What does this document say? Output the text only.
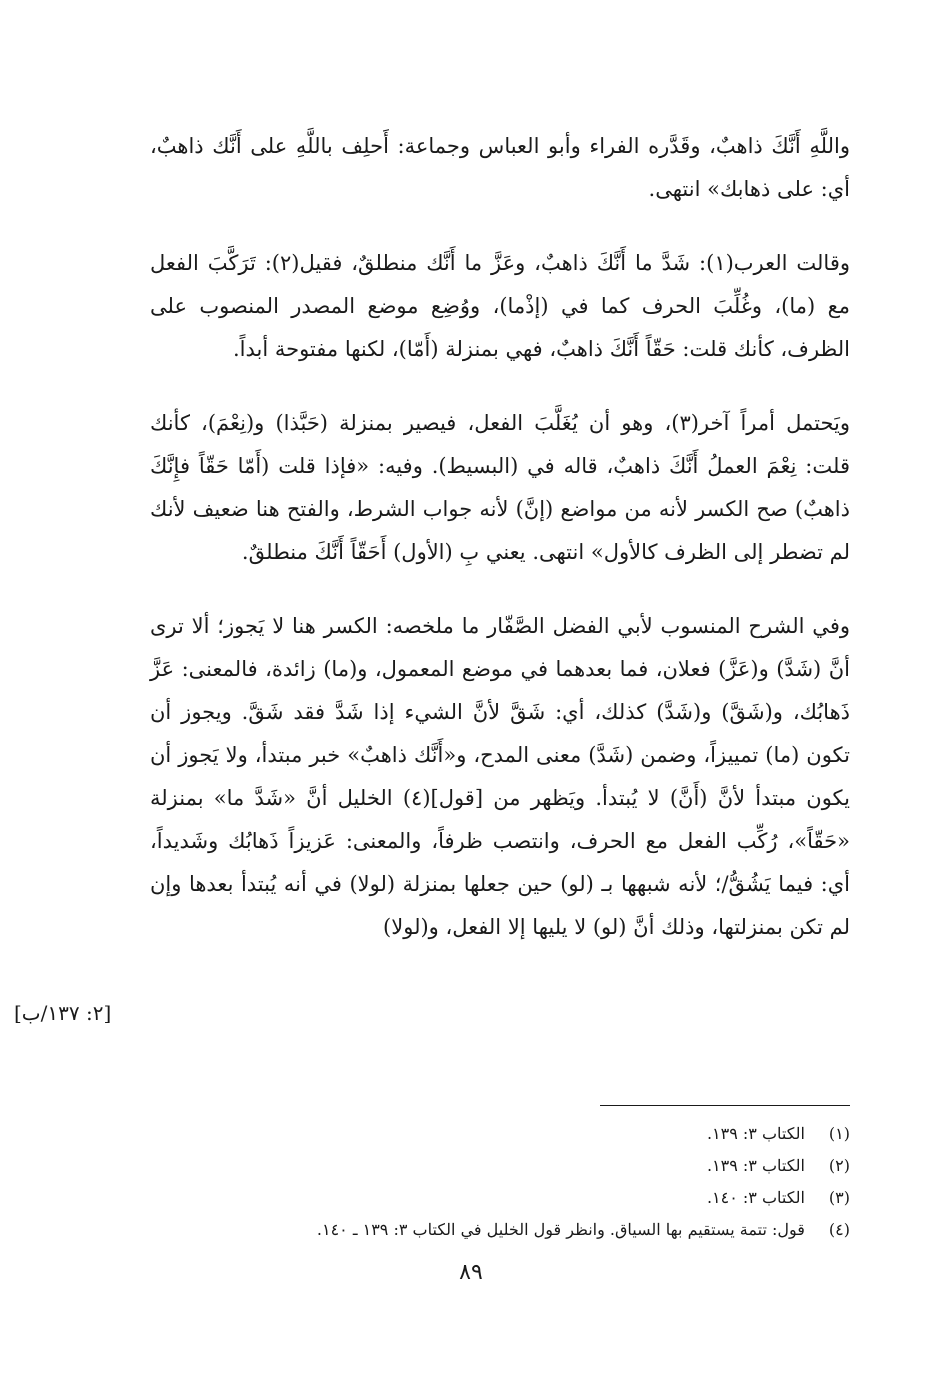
واللَّهِ أَنَّكَ ذاهبٌ، وقَدَّره الفراء وأبو العباس وجماعة: أَحلِف باللَّهِ على أَنَّك ذاهبٌ، أي: على ذهابك» انتهى.

وقالت العرب(١): شَدَّ ما أَنَّكَ ذاهبٌ، وعَزَّ ما أَنَّك منطلقٌ، فقيل(٢): تَرَكَّبَ الفعل مع (ما)، وغُلِّبَ الحرف كما في (إذْما)، ووُضِع موضع المصدر المنصوب على الظرف، كأنك قلت: حَقّاً أَنَّكَ ذاهبٌ، فهي بمنزلة (أَمّا)، لكنها مفتوحة أبداً.

ويَحتمل أمراً آخر(٣)، وهو أن يُغَلَّبَ الفعل، فيصير بمنزلة (حَبَّذا) و(نِعْمَ)، كأنك قلت: نِعْمَ العملُ أَنَّكَ ذاهبٌ، قاله في (البسيط). وفيه: «فإذا قلت (أَمّا حَقّاً فإِنَّكَ ذاهبٌ) صح الكسر لأنه من مواضع (إنَّ) لأنه جواب الشرط، والفتح هنا ضعيف لأنك لم تضطر إلى الظرف كالأول» انتهى. يعني بِ (الأول) أَحَقّاً أَنَّكَ منطلقٌ.

وفي الشرح المنسوب لأبي الفضل الصَّفّار ما ملخصه: الكسر هنا لا يَجوز؛ ألا ترى أنَّ (شَدَّ) و(عَزَّ) فعلان، فما بعدهما في موضع المعمول، و(ما) زائدة، فالمعنى: عَزَّ ذَهابُك، و(شَقَّ) و(شَدَّ) كذلك، أي: شَقَّ لأنَّ الشيء إذا شَدَّ فقد شَقَّ. ويجوز أن تكون (ما) تمييزاً، وضمن (شَدَّ) معنى المدح، و«أَنَّك ذاهبٌ» خبر مبتدأ، ولا يَجوز أن يكون مبتدأ لأنَّ (أَنَّ) لا يُبتدأ. ويَظهر من [قول](٤) الخليل أنَّ «شَدَّ ما» بمنزلة «حَقّاً»، رُكِّب الفعل مع الحرف، وانتصب ظرفاً، والمعنى: عَزيزاً ذَهابُك وشَديداً، أي: فيما يَشُقُّ/؛ لأنه شبهها بـ (لو) حين جعلها بمنزلة (لولا) في أنه يُبتدأ بعدها وإن لم تكن بمنزلتها، وذلك أنَّ (لو) لا يليها إلا الفعل، و(لولا)

[٢: ١٣٧/ب]
(١) الكتاب ٣: ١٣٩.
(٢) الكتاب ٣: ١٣٩.
(٣) الكتاب ٣: ١٤٠.
(٤) قول: تتمة يستقيم بها السياق. وانظر قول الخليل في الكتاب ٣: ١٣٩ ـ ١٤٠.
٨٩
